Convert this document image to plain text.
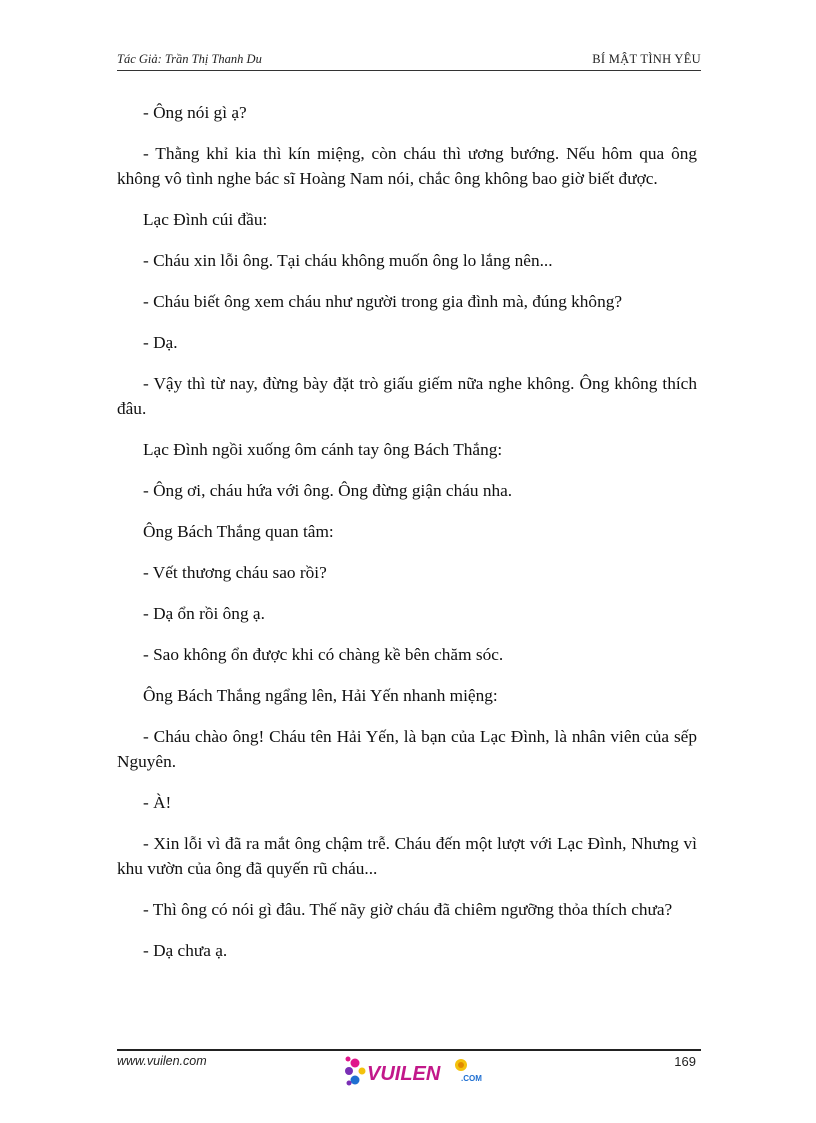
Tác Giả: Trần Thị Thanh Du	BÍ MẬT TÌNH YÊU

- Ông nói gì ạ?

- Thằng khỉ kia thì kín miệng, còn cháu thì ương bướng. Nếu hôm qua ông không vô tình nghe bác sĩ Hoàng Nam nói, chắc ông không bao giờ biết được.

Lạc Đình cúi đầu:

- Cháu xin lỗi ông. Tại cháu không muốn ông lo lắng nên...

- Cháu biết ông xem cháu như người trong gia đình mà, đúng không?

- Dạ.

- Vậy thì từ nay, đừng bày đặt trò giấu giếm nữa nghe không. Ông không thích đâu.

Lạc Đình ngồi xuống ôm cánh tay ông Bách Thắng:

- Ông ơi, cháu hứa với ông. Ông đừng giận cháu nha.

Ông Bách Thắng quan tâm:

- Vết thương cháu sao rồi?

- Dạ ổn rồi ông ạ.

- Sao không ổn được khi có chàng kề bên chăm sóc.

Ông Bách Thắng ngẩng lên, Hải Yến nhanh miệng:

- Cháu chào ông! Cháu tên Hải Yến, là bạn của Lạc Đình, là nhân viên của sếp Nguyên.

- À!

- Xin lỗi vì đã ra mắt ông chậm trễ. Cháu đến một lượt với Lạc Đình, Nhưng vì khu vườn của ông đã quyến rũ cháu...

- Thì ông có nói gì đâu. Thế nãy giờ cháu đã chiêm ngưỡng thỏa thích chưa?

- Dạ chưa ạ.

www.vuilen.com
VUILEN	.COM
169
